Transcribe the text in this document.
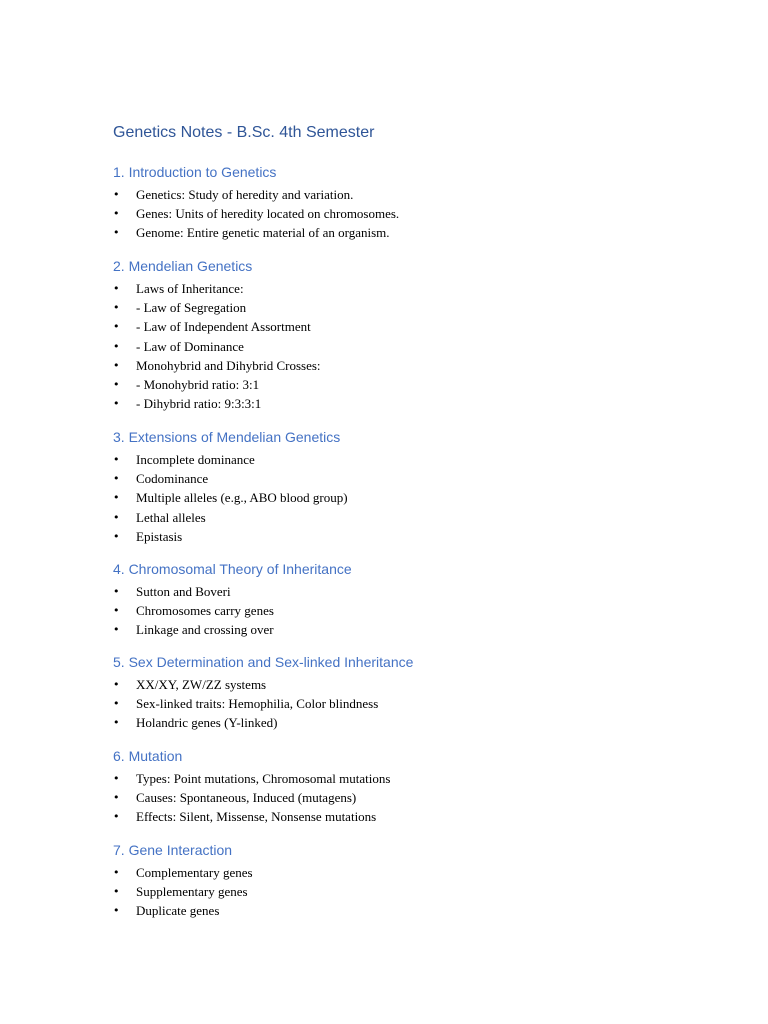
Genetics Notes - B.Sc. 4th Semester
1. Introduction to Genetics
• Genetics: Study of heredity and variation.
• Genes: Units of heredity located on chromosomes.
• Genome: Entire genetic material of an organism.
2. Mendelian Genetics
• Laws of Inheritance:
• - Law of Segregation
• - Law of Independent Assortment
• - Law of Dominance
• Monohybrid and Dihybrid Crosses:
• - Monohybrid ratio: 3:1
• - Dihybrid ratio: 9:3:3:1
3. Extensions of Mendelian Genetics
• Incomplete dominance
• Codominance
• Multiple alleles (e.g., ABO blood group)
• Lethal alleles
• Epistasis
4. Chromosomal Theory of Inheritance
• Sutton and Boveri
• Chromosomes carry genes
• Linkage and crossing over
5. Sex Determination and Sex-linked Inheritance
• XX/XY, ZW/ZZ systems
• Sex-linked traits: Hemophilia, Color blindness
• Holandric genes (Y-linked)
6. Mutation
• Types: Point mutations, Chromosomal mutations
• Causes: Spontaneous, Induced (mutagens)
• Effects: Silent, Missense, Nonsense mutations
7. Gene Interaction
• Complementary genes
• Supplementary genes
• Duplicate genes
